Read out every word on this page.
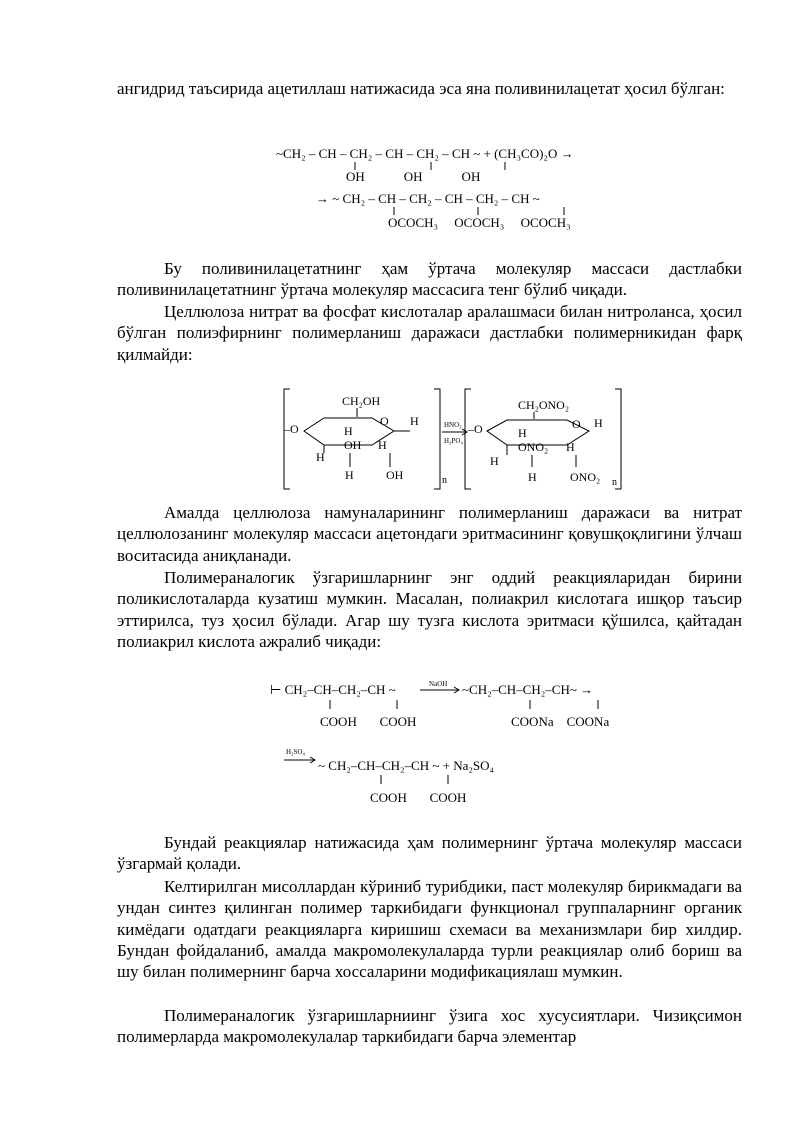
ангидрид таъсирида ацетиллаш натижасида эса яна поливинилацетат ҳосил бўлган:

~CH₂ – CH – CH₂ – CH – CH₂ – CH ~ + (CH₃CO)₂O →
OH            OH            OH
→ ~ CH₂ – CH – CH₂ – CH – CH₂ – CH ~
OCOCH₃     OCOCH₃     OCOCH₃

Бу поливинилацетатнинг ҳам ўртача молекуляр массаси дастлабки поливинилацетатнинг ўртача молекуляр массасига тенг бўлиб чиқади.

Целлюлоза нитрат ва фосфат кислоталар аралашмаси билан нитроланса, ҳосил бўлган полиэфирнинг полимерланиш даражаси дастлабки полимерникидан фарқ қилмайди:

–O
CH₂OH
O H
H
OH H
H
H	OH	n
HNO₃
H₃PO₄
–O
CH₂ONO₂
O H
H
ONO₂ H
H
H	ONO₂ n

Амалда целлюлоза намуналарининг полимерланиш даражаси ва нитрат целлюлозанинг молекуляр массаси ацетондаги эритмасининг қовушқоқлигини ўлчаш воситасида аниқланади.

Полимераналогик ўзгаришларнинг энг оддий реакцияларидан бирини поликислоталарда кузатиш мумкин. Масалан, полиакрил кислотага ишқор таъсир эттирилса, туз ҳосил бўлади. Агар шу тузга кислота эритмаси қўшилса, қайтадан полиакрил кислота ажралиб чиқади:

⊢ CH₂–CH–CH₂–CH ~	NaOH ~CH₂–CH–CH₂–CH~ →
COOH       COOH	COONa    COONa
H₂SO₄
~ CH₂–CH–CH₂–CH ~ + Na₂SO₄
COOH       COOH

Бундай реакциялар натижасида ҳам полимернинг ўртача молекуляр массаси ўзгармай қолади.

Келтирилган мисоллардан кўриниб турибдики, паст молекуляр бирикмадаги ва ундан синтез қилинган полимер таркибидаги функционал группаларнинг органик кимёдаги одатдаги реакцияларга киришиш схемаси ва механизмлари бир хилдир. Бундан фойдаланиб, амалда макромолекулаларда турли реакциялар олиб бориш ва шу билан полимернинг барча хоссаларини модификациялаш мумкин.

Полимераналогик ўзгаришларниинг ўзига хос хусусиятлари. Чизиқсимон полимерларда макромолекулалар таркибидаги барча элементар
